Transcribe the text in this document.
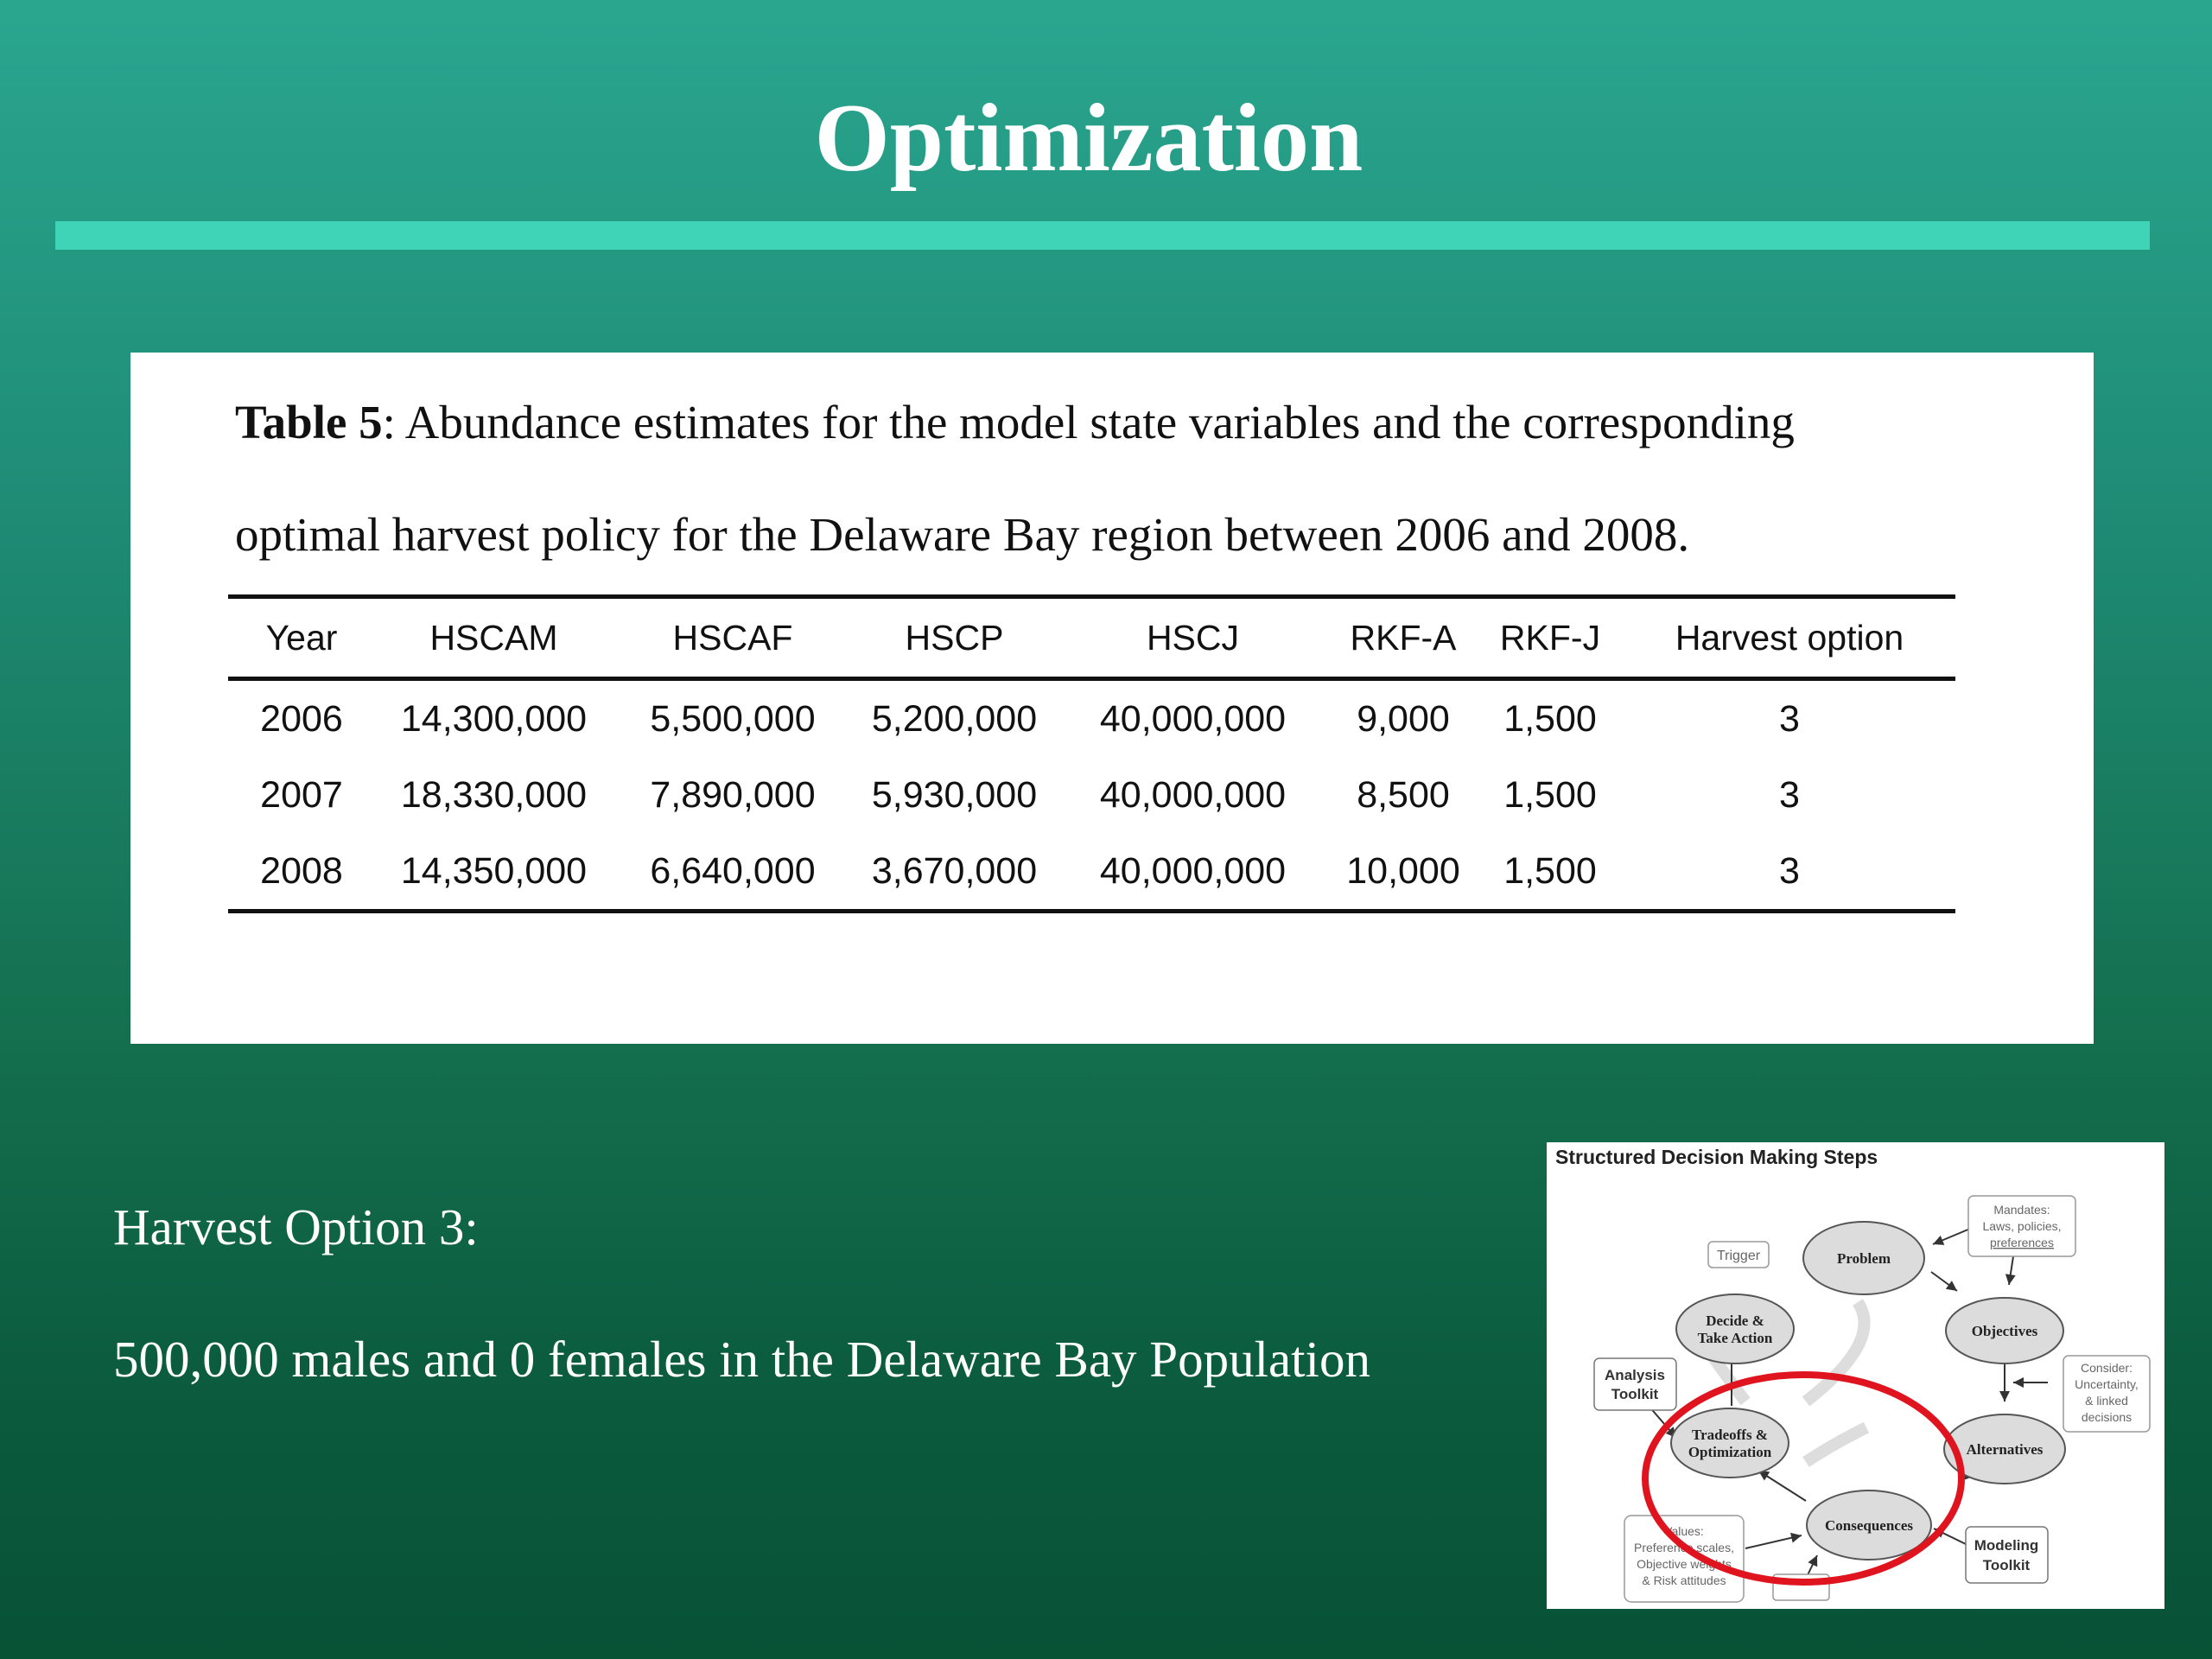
Optimization
Table 5: Abundance estimates for the model state variables and the corresponding
optimal harvest policy for the Delaware Bay region between 2006 and 2008.
Year	HSCAM	HSCAF	HSCP	HSCJ	RKF-A	RKF-J	Harvest option
2006	14,300,000	5,500,000	5,200,000	40,000,000	9,000	1,500	3
2007	18,330,000	7,890,000	5,930,000	40,000,000	8,500	1,500	3
2008	14,350,000	6,640,000	3,670,000	40,000,000	10,000	1,500	3
Harvest Option 3:
500,000 males and 0 females in the Delaware Bay Population
Structured Decision Making Steps
Problem
Objectives
Decide &
Take Action
Tradeoffs &
Optimization	Alternatives
Consequences
Trigger
Mandates:
Laws, policies,
preferences
Consider:
Uncertainty,
& linked
decisions
Analysis
Toolkit
Values:
Preference scales,
Objective weights
& Risk attitudes
Modeling
Toolkit
